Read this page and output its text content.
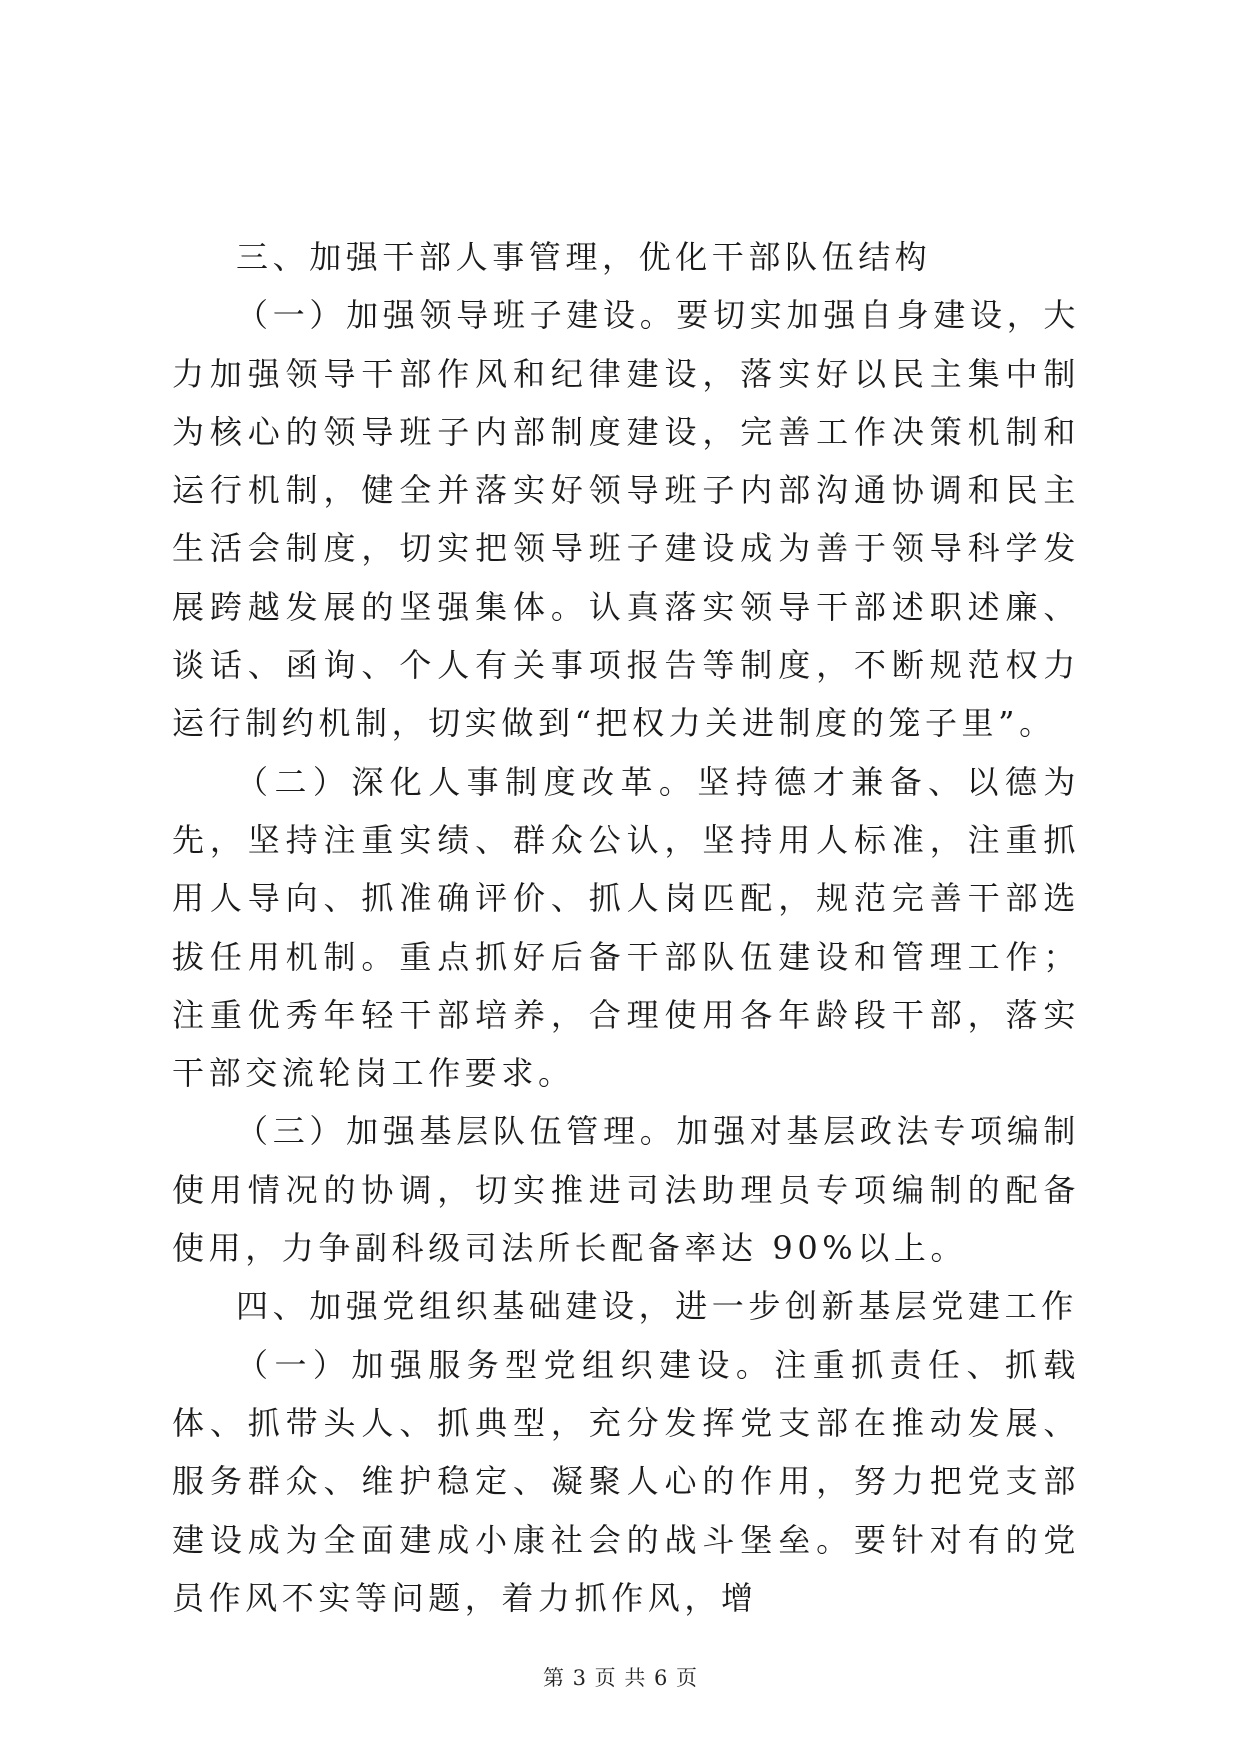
三、加强干部人事管理，优化干部队伍结构

（一）加强领导班子建设。要切实加强自身建设，大力加强领导干部作风和纪律建设，落实好以民主集中制为核心的领导班子内部制度建设，完善工作决策机制和运行机制，健全并落实好领导班子内部沟通协调和民主生活会制度，切实把领导班子建设成为善于领导科学发展跨越发展的坚强集体。认真落实领导干部述职述廉、谈话、函询、个人有关事项报告等制度，不断规范权力运行制约机制，切实做到“把权力关进制度的笼子里”。

（二）深化人事制度改革。坚持德才兼备、以德为先，坚持注重实绩、群众公认，坚持用人标准，注重抓用人导向、抓准确评价、抓人岗匹配，规范完善干部选拔任用机制。重点抓好后备干部队伍建设和管理工作；注重优秀年轻干部培养，合理使用各年龄段干部，落实干部交流轮岗工作要求。

（三）加强基层队伍管理。加强对基层政法专项编制使用情况的协调，切实推进司法助理员专项编制的配备使用，力争副科级司法所长配备率达 90%以上。

四、加强党组织基础建设，进一步创新基层党建工作

（一）加强服务型党组织建设。注重抓责任、抓载体、抓带头人、抓典型，充分发挥党支部在推动发展、服务群众、维护稳定、凝聚人心的作用，努力把党支部建设成为全面建成小康社会的战斗堡垒。要针对有的党员作风不实等问题，着力抓作风，增

第 3 页 共 6 页
